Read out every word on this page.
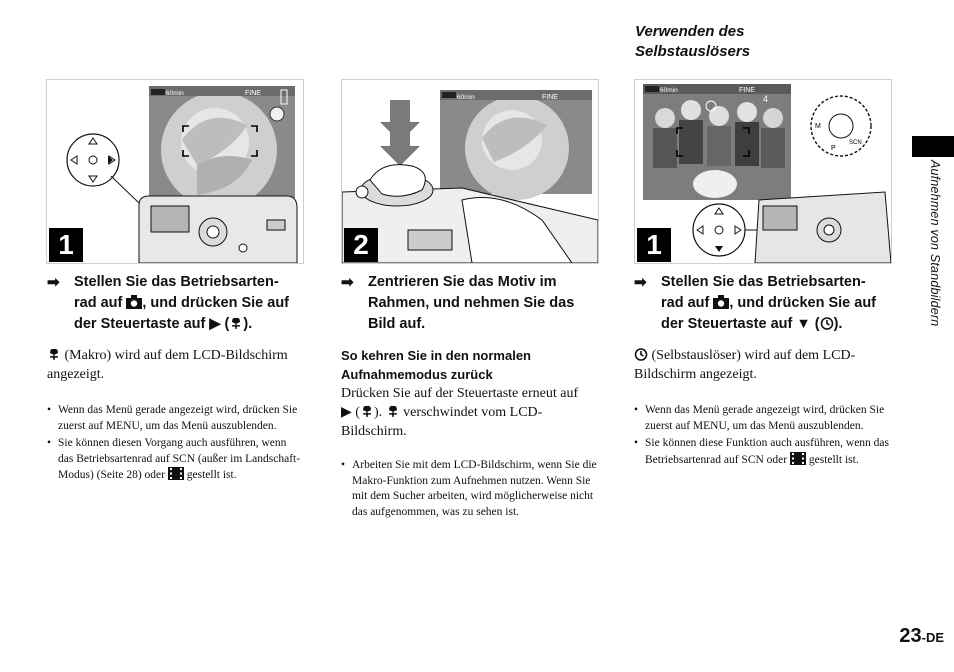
Verwenden des
Selbstauslösers
60min	FINE
1
60min	FINE
2
60min	FINE
4
M
P
SCN
1
➡ Stellen Sie das Betriebsarten-
rad auf , und drücken Sie auf
der Steuertaste auf ▶ ( ).
(Makro) wird auf dem LCD-Bildschirm
angezeigt.
• Wenn das Menü gerade angezeigt wird, drücken Sie zuerst auf MENU, um das Menü auszublenden.
• Sie können diesen Vorgang auch ausführen, wenn das Betriebsartenrad auf SCN (außer im Landschaft-Modus) (Seite 28) oder gestellt ist.
➡ Zentrieren Sie das Motiv im
Rahmen, und nehmen Sie das
Bild auf.
So kehren Sie in den normalen
Aufnahmemodus zurück
Drücken Sie auf der Steuertaste erneut auf
▶ ( ). verschwindet vom LCD-
Bildschirm.
• Arbeiten Sie mit dem LCD-Bildschirm, wenn Sie die Makro-Funktion zum Aufnehmen nutzen. Wenn Sie mit dem Sucher arbeiten, wird möglicherweise nicht das aufgenommen, was zu sehen ist.
➡ Stellen Sie das Betriebsarten-
rad auf , und drücken Sie auf
der Steuertaste auf ▼ ( ).
(Selbstauslöser) wird auf dem LCD-
Bildschirm angezeigt.
• Wenn das Menü gerade angezeigt wird, drücken Sie zuerst auf MENU, um das Menü auszublenden.
• Sie können diese Funktion auch ausführen, wenn das Betriebsartenrad auf SCN oder gestellt ist.
Aufnehmen von Standbildern
23-DE
